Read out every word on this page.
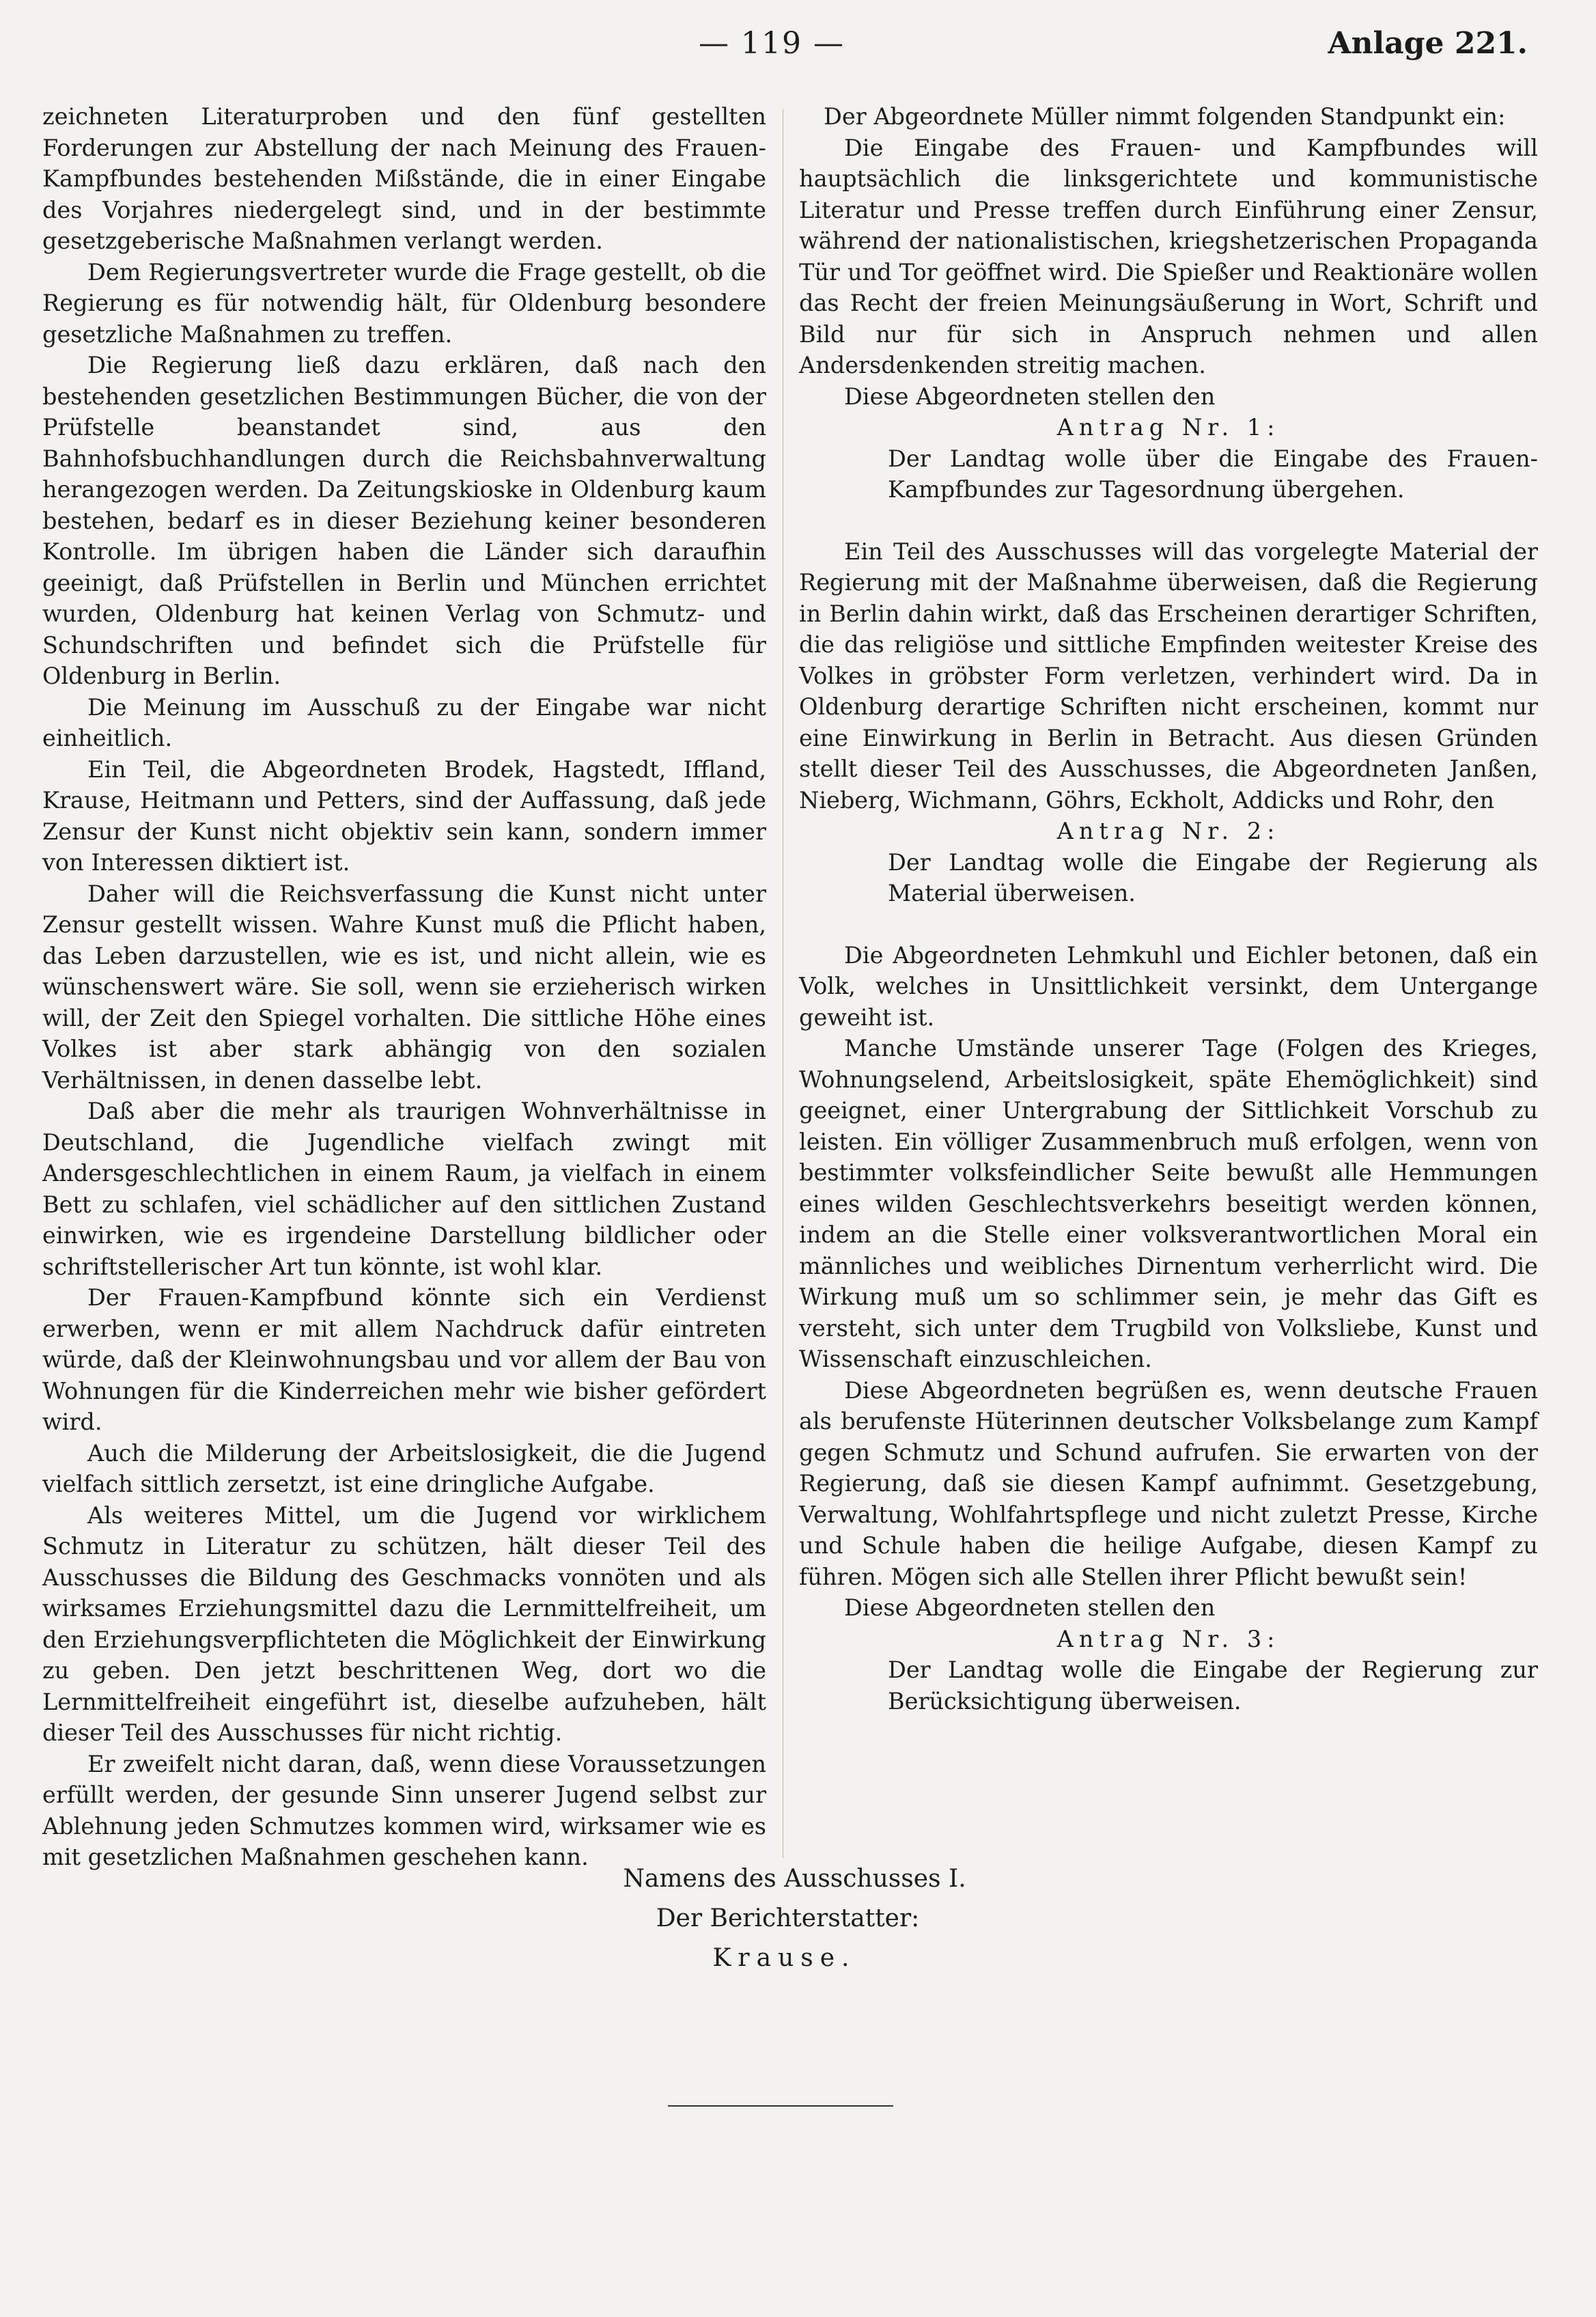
— 119 —	Anlage 221.

zeichneten Literaturproben und den fünf gestellten Forderungen zur Abstellung der nach Meinung des Frauen-Kampfbundes bestehenden Mißstände, die in einer Eingabe des Vorjahres niedergelegt sind, und in der bestimmte gesetzgeberische Maßnahmen verlangt werden.

Dem Regierungsvertreter wurde die Frage gestellt, ob die Regierung es für notwendig hält, für Oldenburg besondere gesetzliche Maßnahmen zu treffen.

Die Regierung ließ dazu erklären, daß nach den bestehenden gesetzlichen Bestimmungen Bücher, die von der Prüfstelle beanstandet sind, aus den Bahnhofsbuchhandlungen durch die Reichsbahnverwaltung herangezogen werden. Da Zeitungskioske in Oldenburg kaum bestehen, bedarf es in dieser Beziehung keiner besonderen Kontrolle. Im übrigen haben die Länder sich daraufhin geeinigt, daß Prüfstellen in Berlin und München errichtet wurden, Oldenburg hat keinen Verlag von Schmutz- und Schundschriften und befindet sich die Prüfstelle für Oldenburg in Berlin.

Die Meinung im Ausschuß zu der Eingabe war nicht einheitlich.

Ein Teil, die Abgeordneten Brodek, Hagstedt, Iffland, Krause, Heitmann und Petters, sind der Auffassung, daß jede Zensur der Kunst nicht objektiv sein kann, sondern immer von Interessen diktiert ist.

Daher will die Reichsverfassung die Kunst nicht unter Zensur gestellt wissen. Wahre Kunst muß die Pflicht haben, das Leben darzustellen, wie es ist, und nicht allein, wie es wünschenswert wäre. Sie soll, wenn sie erzieherisch wirken will, der Zeit den Spiegel vorhalten. Die sittliche Höhe eines Volkes ist aber stark abhängig von den sozialen Verhältnissen, in denen dasselbe lebt.

Daß aber die mehr als traurigen Wohnverhältnisse in Deutschland, die Jugendliche vielfach zwingt mit Andersgeschlechtlichen in einem Raum, ja vielfach in einem Bett zu schlafen, viel schädlicher auf den sittlichen Zustand einwirken, wie es irgendeine Darstellung bildlicher oder schriftstellerischer Art tun könnte, ist wohl klar.

Der Frauen-Kampfbund könnte sich ein Verdienst erwerben, wenn er mit allem Nachdruck dafür eintreten würde, daß der Kleinwohnungsbau und vor allem der Bau von Wohnungen für die Kinderreichen mehr wie bisher gefördert wird.

Auch die Milderung der Arbeitslosigkeit, die die Jugend vielfach sittlich zersetzt, ist eine dringliche Aufgabe.

Als weiteres Mittel, um die Jugend vor wirklichem Schmutz in Literatur zu schützen, hält dieser Teil des Ausschusses die Bildung des Geschmacks vonnöten und als wirksames Erziehungsmittel dazu die Lernmittelfreiheit, um den Erziehungsverpflichteten die Möglichkeit der Einwirkung zu geben. Den jetzt beschrittenen Weg, dort wo die Lernmittelfreiheit eingeführt ist, dieselbe aufzuheben, hält dieser Teil des Ausschusses für nicht richtig.

Er zweifelt nicht daran, daß, wenn diese Voraussetzungen erfüllt werden, der gesunde Sinn unserer Jugend selbst zur Ablehnung jeden Schmutzes kommen wird, wirksamer wie es mit gesetzlichen Maßnahmen geschehen kann.

Der Abgeordnete Müller nimmt folgenden Standpunkt ein:

Die Eingabe des Frauen- und Kampfbundes will hauptsächlich die linksgerichtete und kommunistische Literatur und Presse treffen durch Einführung einer Zensur, während der nationalistischen, kriegshetzerischen Propaganda Tür und Tor geöffnet wird. Die Spießer und Reaktionäre wollen das Recht der freien Meinungsäußerung in Wort, Schrift und Bild nur für sich in Anspruch nehmen und allen Andersdenkenden streitig machen.

Diese Abgeordneten stellen den

Antrag Nr. 1:

Der Landtag wolle über die Eingabe des Frauen-Kampfbundes zur Tagesordnung übergehen.

Ein Teil des Ausschusses will das vorgelegte Material der Regierung mit der Maßnahme überweisen, daß die Regierung in Berlin dahin wirkt, daß das Erscheinen derartiger Schriften, die das religiöse und sittliche Empfinden weitester Kreise des Volkes in gröbster Form verletzen, verhindert wird. Da in Oldenburg derartige Schriften nicht erscheinen, kommt nur eine Einwirkung in Berlin in Betracht. Aus diesen Gründen stellt dieser Teil des Ausschusses, die Abgeordneten Janßen, Nieberg, Wichmann, Göhrs, Eckholt, Addicks und Rohr, den

Antrag Nr. 2:

Der Landtag wolle die Eingabe der Regierung als Material überweisen.

Die Abgeordneten Lehmkuhl und Eichler betonen, daß ein Volk, welches in Unsittlichkeit versinkt, dem Untergange geweiht ist.

Manche Umstände unserer Tage (Folgen des Krieges, Wohnungselend, Arbeitslosigkeit, späte Ehemöglichkeit) sind geeignet, einer Untergrabung der Sittlichkeit Vorschub zu leisten. Ein völliger Zusammenbruch muß erfolgen, wenn von bestimmter volksfeindlicher Seite bewußt alle Hemmungen eines wilden Geschlechtsverkehrs beseitigt werden können, indem an die Stelle einer volksverantwortlichen Moral ein männliches und weibliches Dirnentum verherrlicht wird. Die Wirkung muß um so schlimmer sein, je mehr das Gift es versteht, sich unter dem Trugbild von Volksliebe, Kunst und Wissenschaft einzuschleichen.

Diese Abgeordneten begrüßen es, wenn deutsche Frauen als berufenste Hüterinnen deutscher Volksbelange zum Kampf gegen Schmutz und Schund aufrufen. Sie erwarten von der Regierung, daß sie diesen Kampf aufnimmt. Gesetzgebung, Verwaltung, Wohlfahrtspflege und nicht zuletzt Presse, Kirche und Schule haben die heilige Aufgabe, diesen Kampf zu führen. Mögen sich alle Stellen ihrer Pflicht bewußt sein!

Diese Abgeordneten stellen den

Antrag Nr. 3:

Der Landtag wolle die Eingabe der Regierung zur Berücksichtigung überweisen.

Namens des Ausschusses I.
Der Berichterstatter:
Krause.
